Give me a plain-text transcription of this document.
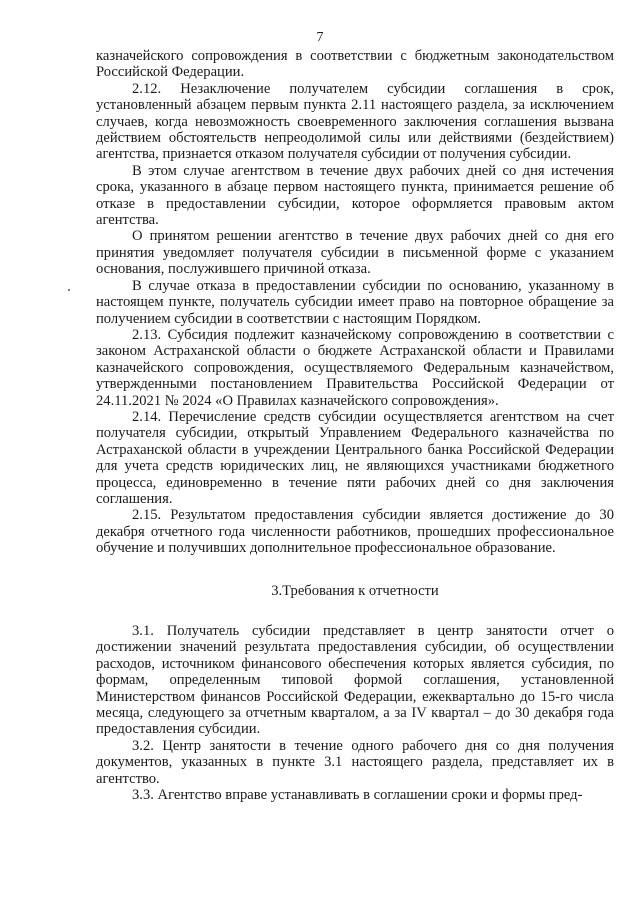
7

казначейского сопровождения в соответствии с бюджетным законодательством Российской Федерации.

2.12. Незаключение получателем субсидии соглашения в срок, установленный абзацем первым пункта 2.11 настоящего раздела, за исключением случаев, когда невозможность своевременного заключения соглашения вызвана действием обстоятельств непреодолимой силы или действиями (бездействием) агентства, признается отказом получателя субсидии от получения субсидии.

В этом случае агентством в течение двух рабочих дней со дня истечения срока, указанного в абзаце первом настоящего пункта, принимается решение об отказе в предоставлении субсидии, которое оформляется правовым актом агентства.

О принятом решении агентство в течение двух рабочих дней со дня его принятия уведомляет получателя субсидии в письменной форме с указанием основания, послужившего причиной отказа.

В случае отказа в предоставлении субсидии по основанию, указанному в настоящем пункте, получатель субсидии имеет право на повторное обращение за получением субсидии в соответствии с настоящим Порядком.

2.13. Субсидия подлежит казначейскому сопровождению в соответствии с законом Астраханской области о бюджете Астраханской области и Правилами казначейского сопровождения, осуществляемого Федеральным казначейством, утвержденными постановлением Правительства Российской Федерации от 24.11.2021 № 2024 «О Правилах казначейского сопровождения».

2.14. Перечисление средств субсидии осуществляется агентством на счет получателя субсидии, открытый Управлением Федерального казначейства по Астраханской области в учреждении Центрального банка Российской Федерации для учета средств юридических лиц, не являющихся участниками бюджетного процесса, единовременно в течение пяти рабочих дней со дня заключения соглашения.

2.15. Результатом предоставления субсидии является достижение до 30 декабря отчетного года численности работников, прошедших профессиональное обучение и получивших дополнительное профессиональное образование.

3.Требования к отчетности

3.1. Получатель субсидии представляет в центр занятости отчет о достижении значений результата предоставления субсидии, об осуществлении расходов, источником финансового обеспечения которых является субсидия, по формам, определенным типовой формой соглашения, установленной Министерством финансов Российской Федерации, ежеквартально до 15-го числа месяца, следующего за отчетным кварталом, а за IV квартал – до 30 декабря года предоставления субсидии.

3.2. Центр занятости в течение одного рабочего дня со дня получения документов, указанных в пункте 3.1 настоящего раздела, представляет их в агентство.

3.3. Агентство вправе устанавливать в соглашении сроки и формы пред-
